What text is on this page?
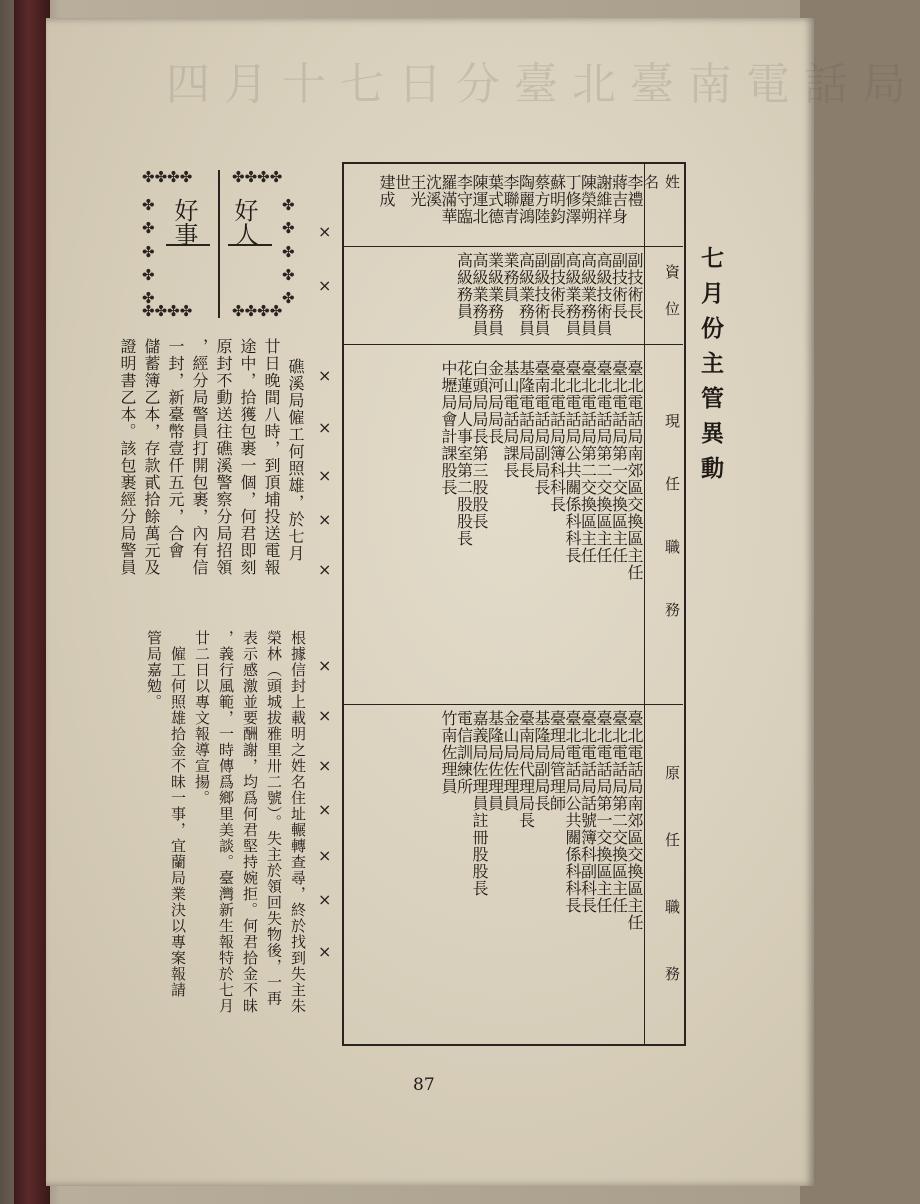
四月十七日分臺北臺南電話局
七月份主管異動
姓名
資位
現任職務
原任職務
李禮
蔣吉身
謝維祥
陳榮朔
丁修澤
蘇明鈞
蔡方陸
陶麗鴻
李聯青
葉式德
陳運北
李守臨
羅滿華
沈溪
王光
世
建成
副技術長
副技術長
高級技術員
高級業務員
高級業務員
副技術長
副級技術員
高級業務員
業務員
業級業務員
高級業務員
高級務員
臺北電話局南郊區交換區主任
臺北電話局第一交換區主任
臺北電話局第二交換區主任
臺北電話局第二交換區主任
臺北電話局公共關係科科長
臺北電話局簿科科長
臺南電話局副局長
基隆電話局局長
基山電話局課長
金河局局長
白頭局局長第三股股長
花蓮局人事室第二股股長
中壢局會計課股長
臺北電話局南郊區交換區主任
臺北電話局第二交換區主任
臺北電話局第一交換區主任
臺北電話局話號簿科副科長
臺北電話局公共關係科科長
臺理局管理師
基隆局副局長
臺南局代理局長
金山局佐理員
基隆局佐理員
嘉義局佐理員註冊股股長
電信訓練所
竹南佐理員
×
×
×
×
×
×
×
×
×
×
×
×
×
×
✤✤✤✤	✤✤✤✤
✤✤✤✤	✤✤✤✤
✤
✤
✤
✤
✤
✤
✤
✤
✤
✤
好事 好人
礁溪局僱工何照雄，於七月
廿日晚間八時，到頂埔投送電報
途中，拾獲包裹一個，何君即刻
原封不動送往礁溪警察分局招領
，經分局警員打開包裹，內有信
一封，新臺幣壹仟五元，合會
儲蓄簿乙本，存款貳拾餘萬元及
證明書乙本。該包裹經分局警員
根據信封上載明之姓名住址輾轉查尋，終於找到失主朱
榮林（頭城拔雅里卅二號）。失主於領回失物後，一再
表示感激並要酬謝，均爲何君堅持婉拒。何君拾金不昧
，義行風範，一時傳爲鄉里美談。臺灣新生報特於七月
廿二日以專文報導宣揚。
　僱工何照雄拾金不昧一事，宜蘭局業決以專案報請
管局嘉勉。
87
